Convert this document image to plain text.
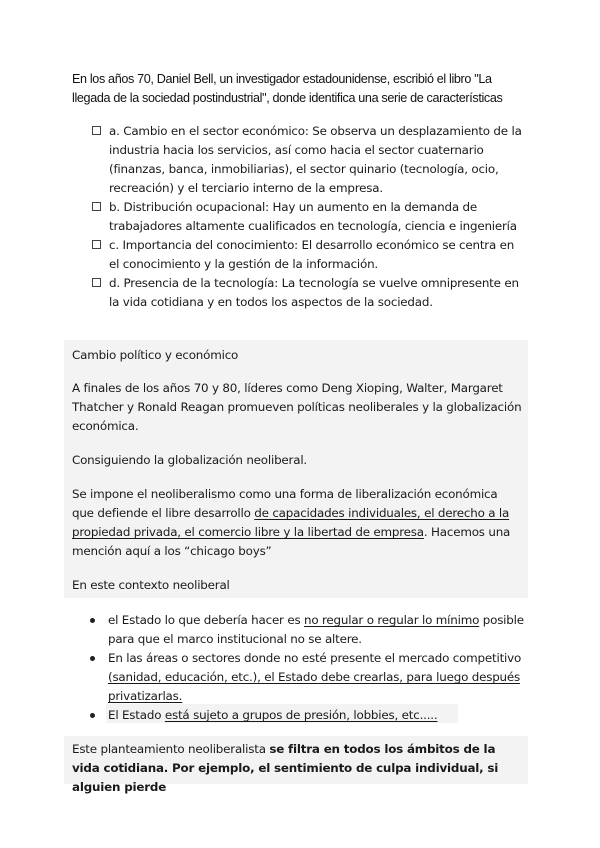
En los años 70, Daniel Bell, un investigador estadounidense, escribió el libro "La llegada de la sociedad postindustrial", donde identifica una serie de características

a. Cambio en el sector económico: Se observa un desplazamiento de la industria hacia los servicios, así como hacia el sector cuaternario (finanzas, banca, inmobiliarias), el sector quinario (tecnología, ocio, recreación) y el terciario interno de la empresa.
b. Distribución ocupacional: Hay un aumento en la demanda de trabajadores altamente cualificados en tecnología, ciencia e ingeniería
c. Importancia del conocimiento: El desarrollo económico se centra en el conocimiento y la gestión de la información.
d. Presencia de la tecnología: La tecnología se vuelve omnipresente en la vida cotidiana y en todos los aspectos de la sociedad.

Cambio político y económico

A finales de los años 70 y 80, líderes como Deng Xioping, Walter, Margaret Thatcher y Ronald Reagan promueven políticas neoliberales y la globalización económica.

Consiguiendo la globalización neoliberal.

Se impone el neoliberalismo como una forma de liberalización económica que defiende el libre desarrollo de capacidades individuales, el derecho a la propiedad privada, el comercio libre y la libertad de empresa. Hacemos una mención aquí a los “chicago boys”

En este contexto neoliberal

el Estado lo que debería hacer es no regular o regular lo mínimo posible para que el marco institucional no se altere.
En las áreas o sectores donde no esté presente el mercado competitivo (sanidad, educación, etc.), el Estado debe crearlas, para luego después privatizarlas.
El Estado está sujeto a grupos de presión, lobbies, etc.....

Este planteamiento neoliberalista se filtra en todos los ámbitos de la vida cotidiana. Por ejemplo, el sentimiento de culpa individual, si alguien pierde
